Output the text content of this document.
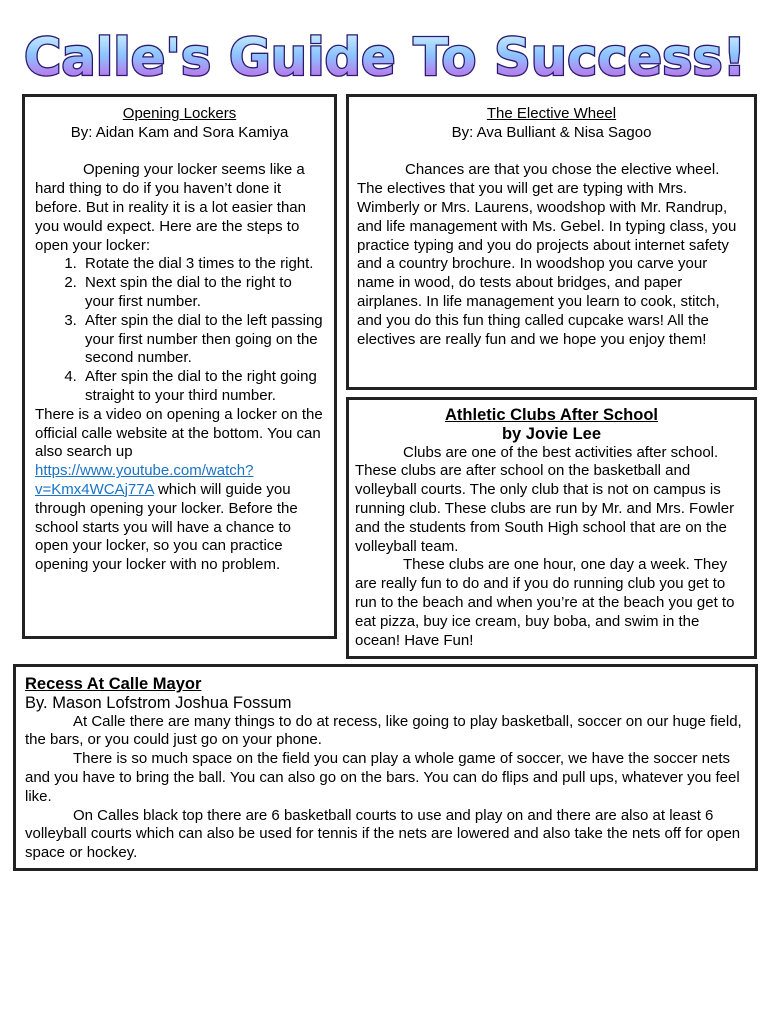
Calle's Guide To Success!

Opening Lockers

By: Aidan Kam and Sora Kamiya

Opening your locker seems like a hard thing to do if you haven’t done it before. But in reality it is a lot easier than you would expect. Here are the steps to open your locker:

1. Rotate the dial 3 times to the right.
2. Next spin the dial to the right to your first number.
3. After spin the dial to the left passing your first number then going on the second number.
4. After spin the dial to the right going straight to your third number.

There is a video on opening a locker on the official calle website at the bottom. You can also search up https://www.youtube.com/watch?v=Kmx4WCAj77A which will guide you through opening your locker. Before the school starts you will have a chance to open your locker, so you can practice opening your locker with no problem.

The Elective Wheel

By: Ava Bulliant & Nisa Sagoo

Chances are that you chose the elective wheel. The electives that you will get are typing with Mrs. Wimberly or Mrs. Laurens, woodshop with Mr. Randrup, and life management with Ms. Gebel. In typing class, you practice typing and you do projects about internet safety and a country brochure. In woodshop you carve your name in wood, do tests about bridges, and paper airplanes. In life management you learn to cook, stitch, and you do this fun thing called cupcake wars! All the electives are really fun and we hope you enjoy them!

Athletic Clubs After School

by Jovie Lee

Clubs are one of the best activities after school. These clubs are after school on the basketball and volleyball courts. The only club that is not on campus is running club. These clubs are run by Mr. and Mrs. Fowler and the students from South High school that are on the volleyball team.

These clubs are one hour, one day a week. They are really fun to do and if you do running club you get to run to the beach and when you’re at the beach you get to eat pizza, buy ice cream, buy boba, and swim in the ocean! Have Fun!

Recess At Calle Mayor

By. Mason Lofstrom Joshua Fossum

At Calle there are many things to do at recess, like going to play basketball, soccer on our huge field, the bars, or you could just go on your phone.

There is so much space on the field you can play a whole game of soccer, we have the soccer nets and you have to bring the ball. You can also go on the bars. You can do flips and pull ups, whatever you feel like.

On Calles black top there are 6 basketball courts to use and play on and there are also at least 6 volleyball courts which can also be used for tennis if the nets are lowered and also take the nets off for open space or hockey.
